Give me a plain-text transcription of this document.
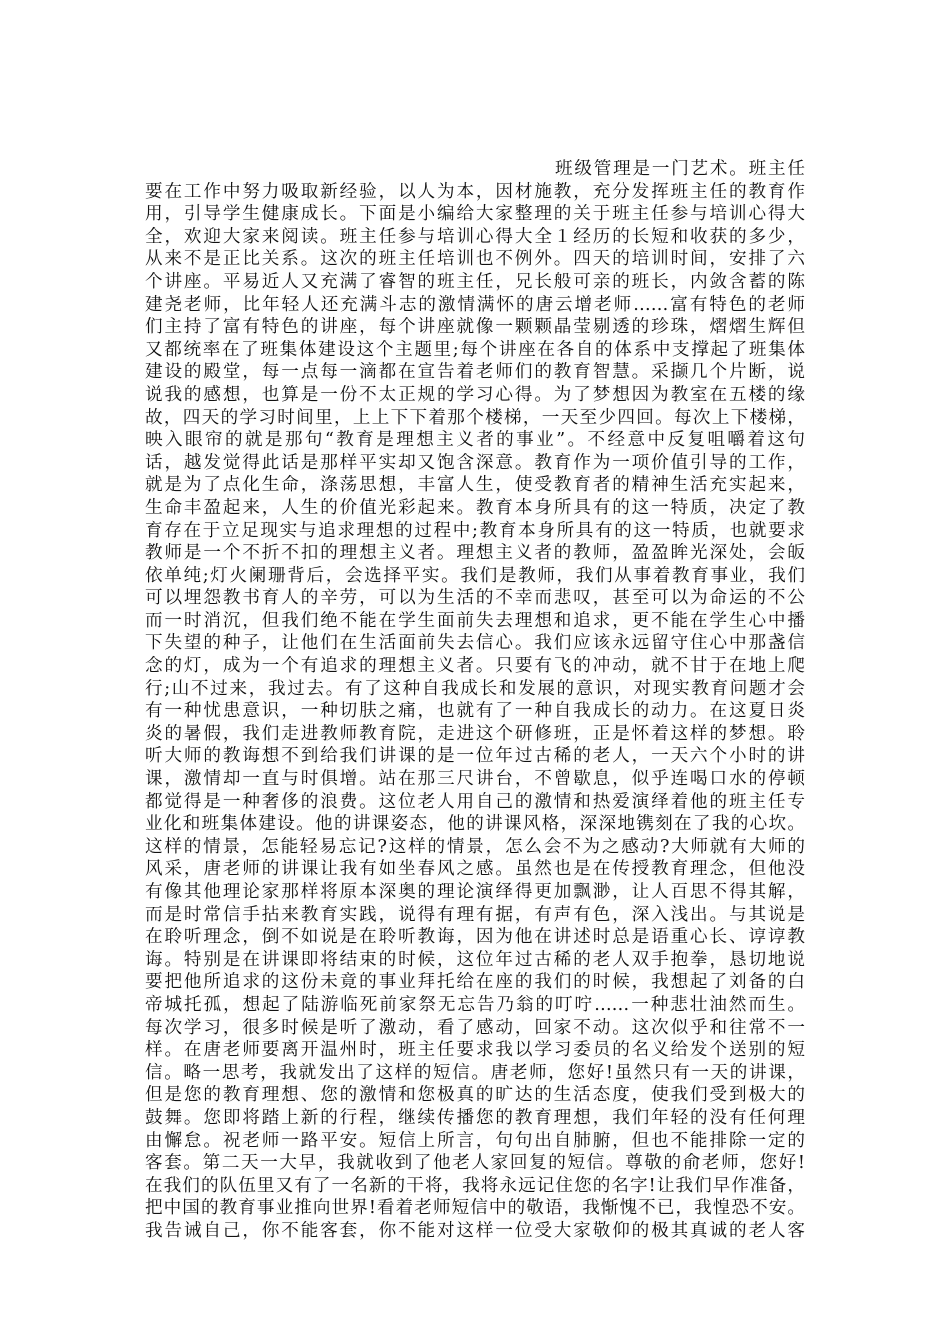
班级管理是一门艺术。班主任
要在工作中努力吸取新经验，以人为本，因材施教，充分发挥班主任的教育作
用，引导学生健康成长。下面是小编给大家整理的关于班主任参与培训心得大
全，欢迎大家来阅读。班主任参与培训心得大全１经历的长短和收获的多少，
从来不是正比关系。这次的班主任培训也不例外。四天的培训时间，安排了六
个讲座。平易近人又充满了睿智的班主任，兄长般可亲的班长，内敛含蓄的陈
建尧老师，比年轻人还充满斗志的激情满怀的唐云增老师……富有特色的老师
们主持了富有特色的讲座，每个讲座就像一颗颗晶莹剔透的珍珠，熠熠生辉但
又都统率在了班集体建设这个主题里;每个讲座在各自的体系中支撑起了班集体
建设的殿堂，每一点每一滴都在宣告着老师们的教育智慧。采撷几个片断，说
说我的感想，也算是一份不太正规的学习心得。为了梦想因为教室在五楼的缘
故，四天的学习时间里，上上下下着那个楼梯，一天至少四回。每次上下楼梯，
映入眼帘的就是那句“教育是理想主义者的事业”。不经意中反复咀嚼着这句
话，越发觉得此话是那样平实却又饱含深意。教育作为一项价值引导的工作，
就是为了点化生命，涤荡思想，丰富人生，使受教育者的精神生活充实起来，
生命丰盈起来，人生的价值光彩起来。教育本身所具有的这一特质，决定了教
育存在于立足现实与追求理想的过程中;教育本身所具有的这一特质，也就要求
教师是一个不折不扣的理想主义者。理想主义者的教师，盈盈眸光深处，会皈
依单纯;灯火阑珊背后，会选择平实。我们是教师，我们从事着教育事业，我们
可以埋怨教书育人的辛劳，可以为生活的不幸而悲叹，甚至可以为命运的不公
而一时消沉，但我们绝不能在学生面前失去理想和追求，更不能在学生心中播
下失望的种子，让他们在生活面前失去信心。我们应该永远留守住心中那盏信
念的灯，成为一个有追求的理想主义者。只要有飞的冲动，就不甘于在地上爬
行;山不过来，我过去。有了这种自我成长和发展的意识，对现实教育问题才会
有一种忧患意识，一种切肤之痛，也就有了一种自我成长的动力。在这夏日炎
炎的暑假，我们走进教师教育院，走进这个研修班，正是怀着这样的梦想。聆
听大师的教诲想不到给我们讲课的是一位年过古稀的老人，一天六个小时的讲
课，激情却一直与时俱增。站在那三尺讲台，不曾歇息，似乎连喝口水的停顿
都觉得是一种奢侈的浪费。这位老人用自己的激情和热爱演绎着他的班主任专
业化和班集体建设。他的讲课姿态，他的讲课风格，深深地镌刻在了我的心坎。
这样的情景，怎能轻易忘记?这样的情景，怎么会不为之感动?大师就有大师的
风采，唐老师的讲课让我有如坐春风之感。虽然也是在传授教育理念，但他没
有像其他理论家那样将原本深奥的理论演绎得更加飘渺，让人百思不得其解，
而是时常信手拈来教育实践，说得有理有据，有声有色，深入浅出。与其说是
在聆听理念，倒不如说是在聆听教诲，因为他在讲述时总是语重心长、谆谆教
诲。特别是在讲课即将结束的时候，这位年过古稀的老人双手抱拳，恳切地说
要把他所追求的这份未竟的事业拜托给在座的我们的时候，我想起了刘备的白
帝城托孤，想起了陆游临死前家祭无忘告乃翁的叮咛……一种悲壮油然而生。
每次学习，很多时候是听了激动，看了感动，回家不动。这次似乎和往常不一
样。在唐老师要离开温州时，班主任要求我以学习委员的名义给发个送别的短
信。略一思考，我就发出了这样的短信。唐老师，您好!虽然只有一天的讲课，
但是您的教育理想、您的激情和您极真的旷达的生活态度，使我们受到极大的
鼓舞。您即将踏上新的行程，继续传播您的教育理想，我们年轻的没有任何理
由懈怠。祝老师一路平安。短信上所言，句句出自肺腑，但也不能排除一定的
客套。第二天一大早，我就收到了他老人家回复的短信。尊敬的俞老师，您好!
在我们的队伍里又有了一名新的干将，我将永远记住您的名字!让我们早作准备，
把中国的教育事业推向世界!看着老师短信中的敬语，我惭愧不已，我惶恐不安。
我告诫自己，你不能客套，你不能对这样一位受大家敬仰的极其真诚的老人客
